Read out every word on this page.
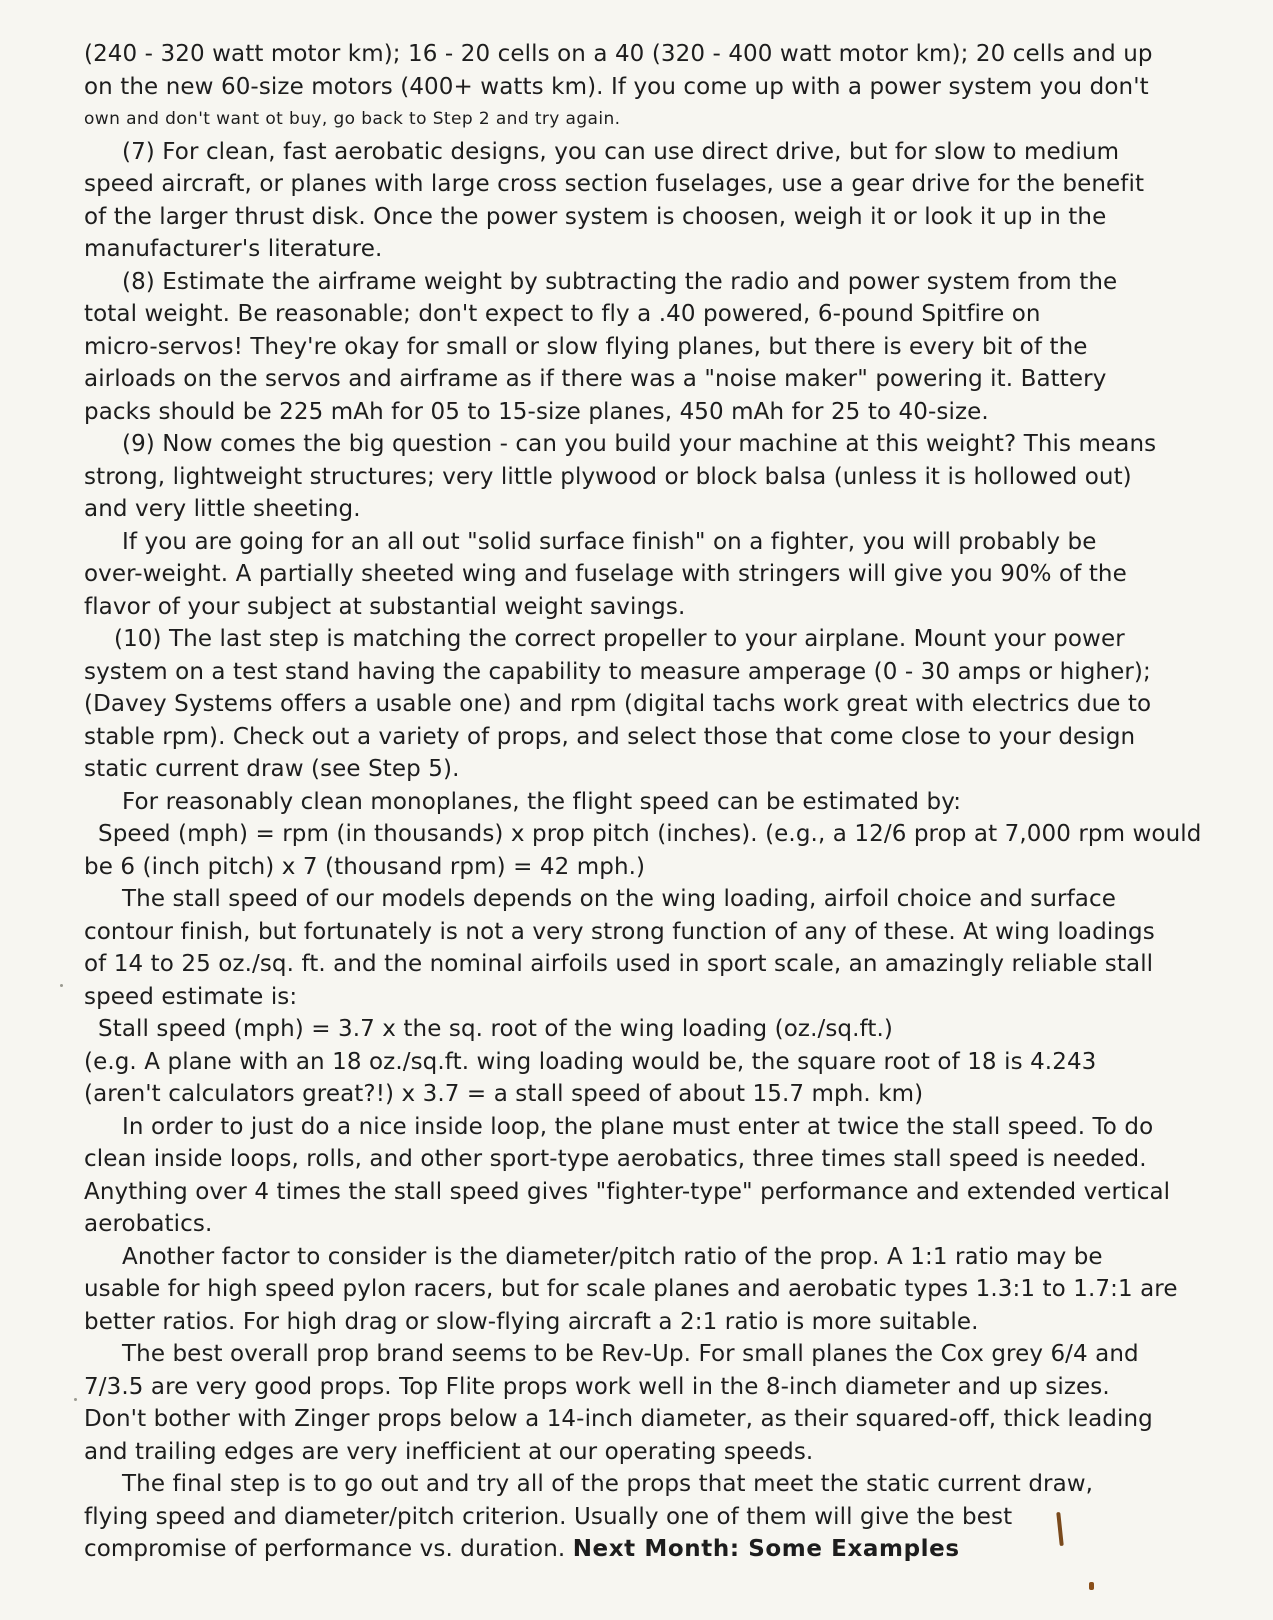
(240 - 320 watt motor km); 16 - 20 cells on a 40 (320 - 400 watt motor km); 20 cells and up
on the new 60-size motors (400+ watts km). If you come up with a power system you don't
own and don't want ot buy, go back to Step 2 and try again.
(7) For clean, fast aerobatic designs, you can use direct drive, but for slow to medium
speed aircraft, or planes with large cross section fuselages, use a gear drive for the benefit
of the larger thrust disk. Once the power system is choosen, weigh it or look it up in the
manufacturer's literature.
(8) Estimate the airframe weight by subtracting the radio and power system from the
total weight. Be reasonable; don't expect to fly a .40 powered, 6-pound Spitfire on
micro-servos! They're okay for small or slow flying planes, but there is every bit of the
airloads on the servos and airframe as if there was a "noise maker" powering it. Battery
packs should be 225 mAh for 05 to 15-size planes, 450 mAh for 25 to 40-size.
(9) Now comes the big question - can you build your machine at this weight? This means
strong, lightweight structures; very little plywood or block balsa (unless it is hollowed out)
and very little sheeting.
If you are going for an all out "solid surface finish" on a fighter, you will probably be
over-weight. A partially sheeted wing and fuselage with stringers will give you 90% of the
flavor of your subject at substantial weight savings.
(10) The last step is matching the correct propeller to your airplane. Mount your power
system on a test stand having the capability to measure amperage (0 - 30 amps or higher);
(Davey Systems offers a usable one) and rpm (digital tachs work great with electrics due to
stable rpm). Check out a variety of props, and select those that come close to your design
static current draw (see Step 5).
For reasonably clean monoplanes, the flight speed can be estimated by:
Speed (mph) = rpm (in thousands) x prop pitch (inches). (e.g., a 12/6 prop at 7,000 rpm would
be 6 (inch pitch) x 7 (thousand rpm) = 42 mph.)
The stall speed of our models depends on the wing loading, airfoil choice and surface
contour finish, but fortunately is not a very strong function of any of these. At wing loadings
of 14 to 25 oz./sq. ft. and the nominal airfoils used in sport scale, an amazingly reliable stall
speed estimate is:
Stall speed (mph) = 3.7 x the sq. root of the wing loading (oz./sq.ft.)
(e.g. A plane with an 18 oz./sq.ft. wing loading would be, the square root of 18 is 4.243
(aren't calculators great?!) x 3.7 = a stall speed of about 15.7 mph. km)
In order to just do a nice inside loop, the plane must enter at twice the stall speed. To do
clean inside loops, rolls, and other sport-type aerobatics, three times stall speed is needed.
Anything over 4 times the stall speed gives "fighter-type" performance and extended vertical
aerobatics.
Another factor to consider is the diameter/pitch ratio of the prop. A 1:1 ratio may be
usable for high speed pylon racers, but for scale planes and aerobatic types 1.3:1 to 1.7:1 are
better ratios. For high drag or slow-flying aircraft a 2:1 ratio is more suitable.
The best overall prop brand seems to be Rev-Up. For small planes the Cox grey 6/4 and
7/3.5 are very good props. Top Flite props work well in the 8-inch diameter and up sizes.
Don't bother with Zinger props below a 14-inch diameter, as their squared-off, thick leading
and trailing edges are very inefficient at our operating speeds.
The final step is to go out and try all of the props that meet the static current draw,
flying speed and diameter/pitch criterion. Usually one of them will give the best
compromise of performance vs. duration. Next Month: Some Examples
